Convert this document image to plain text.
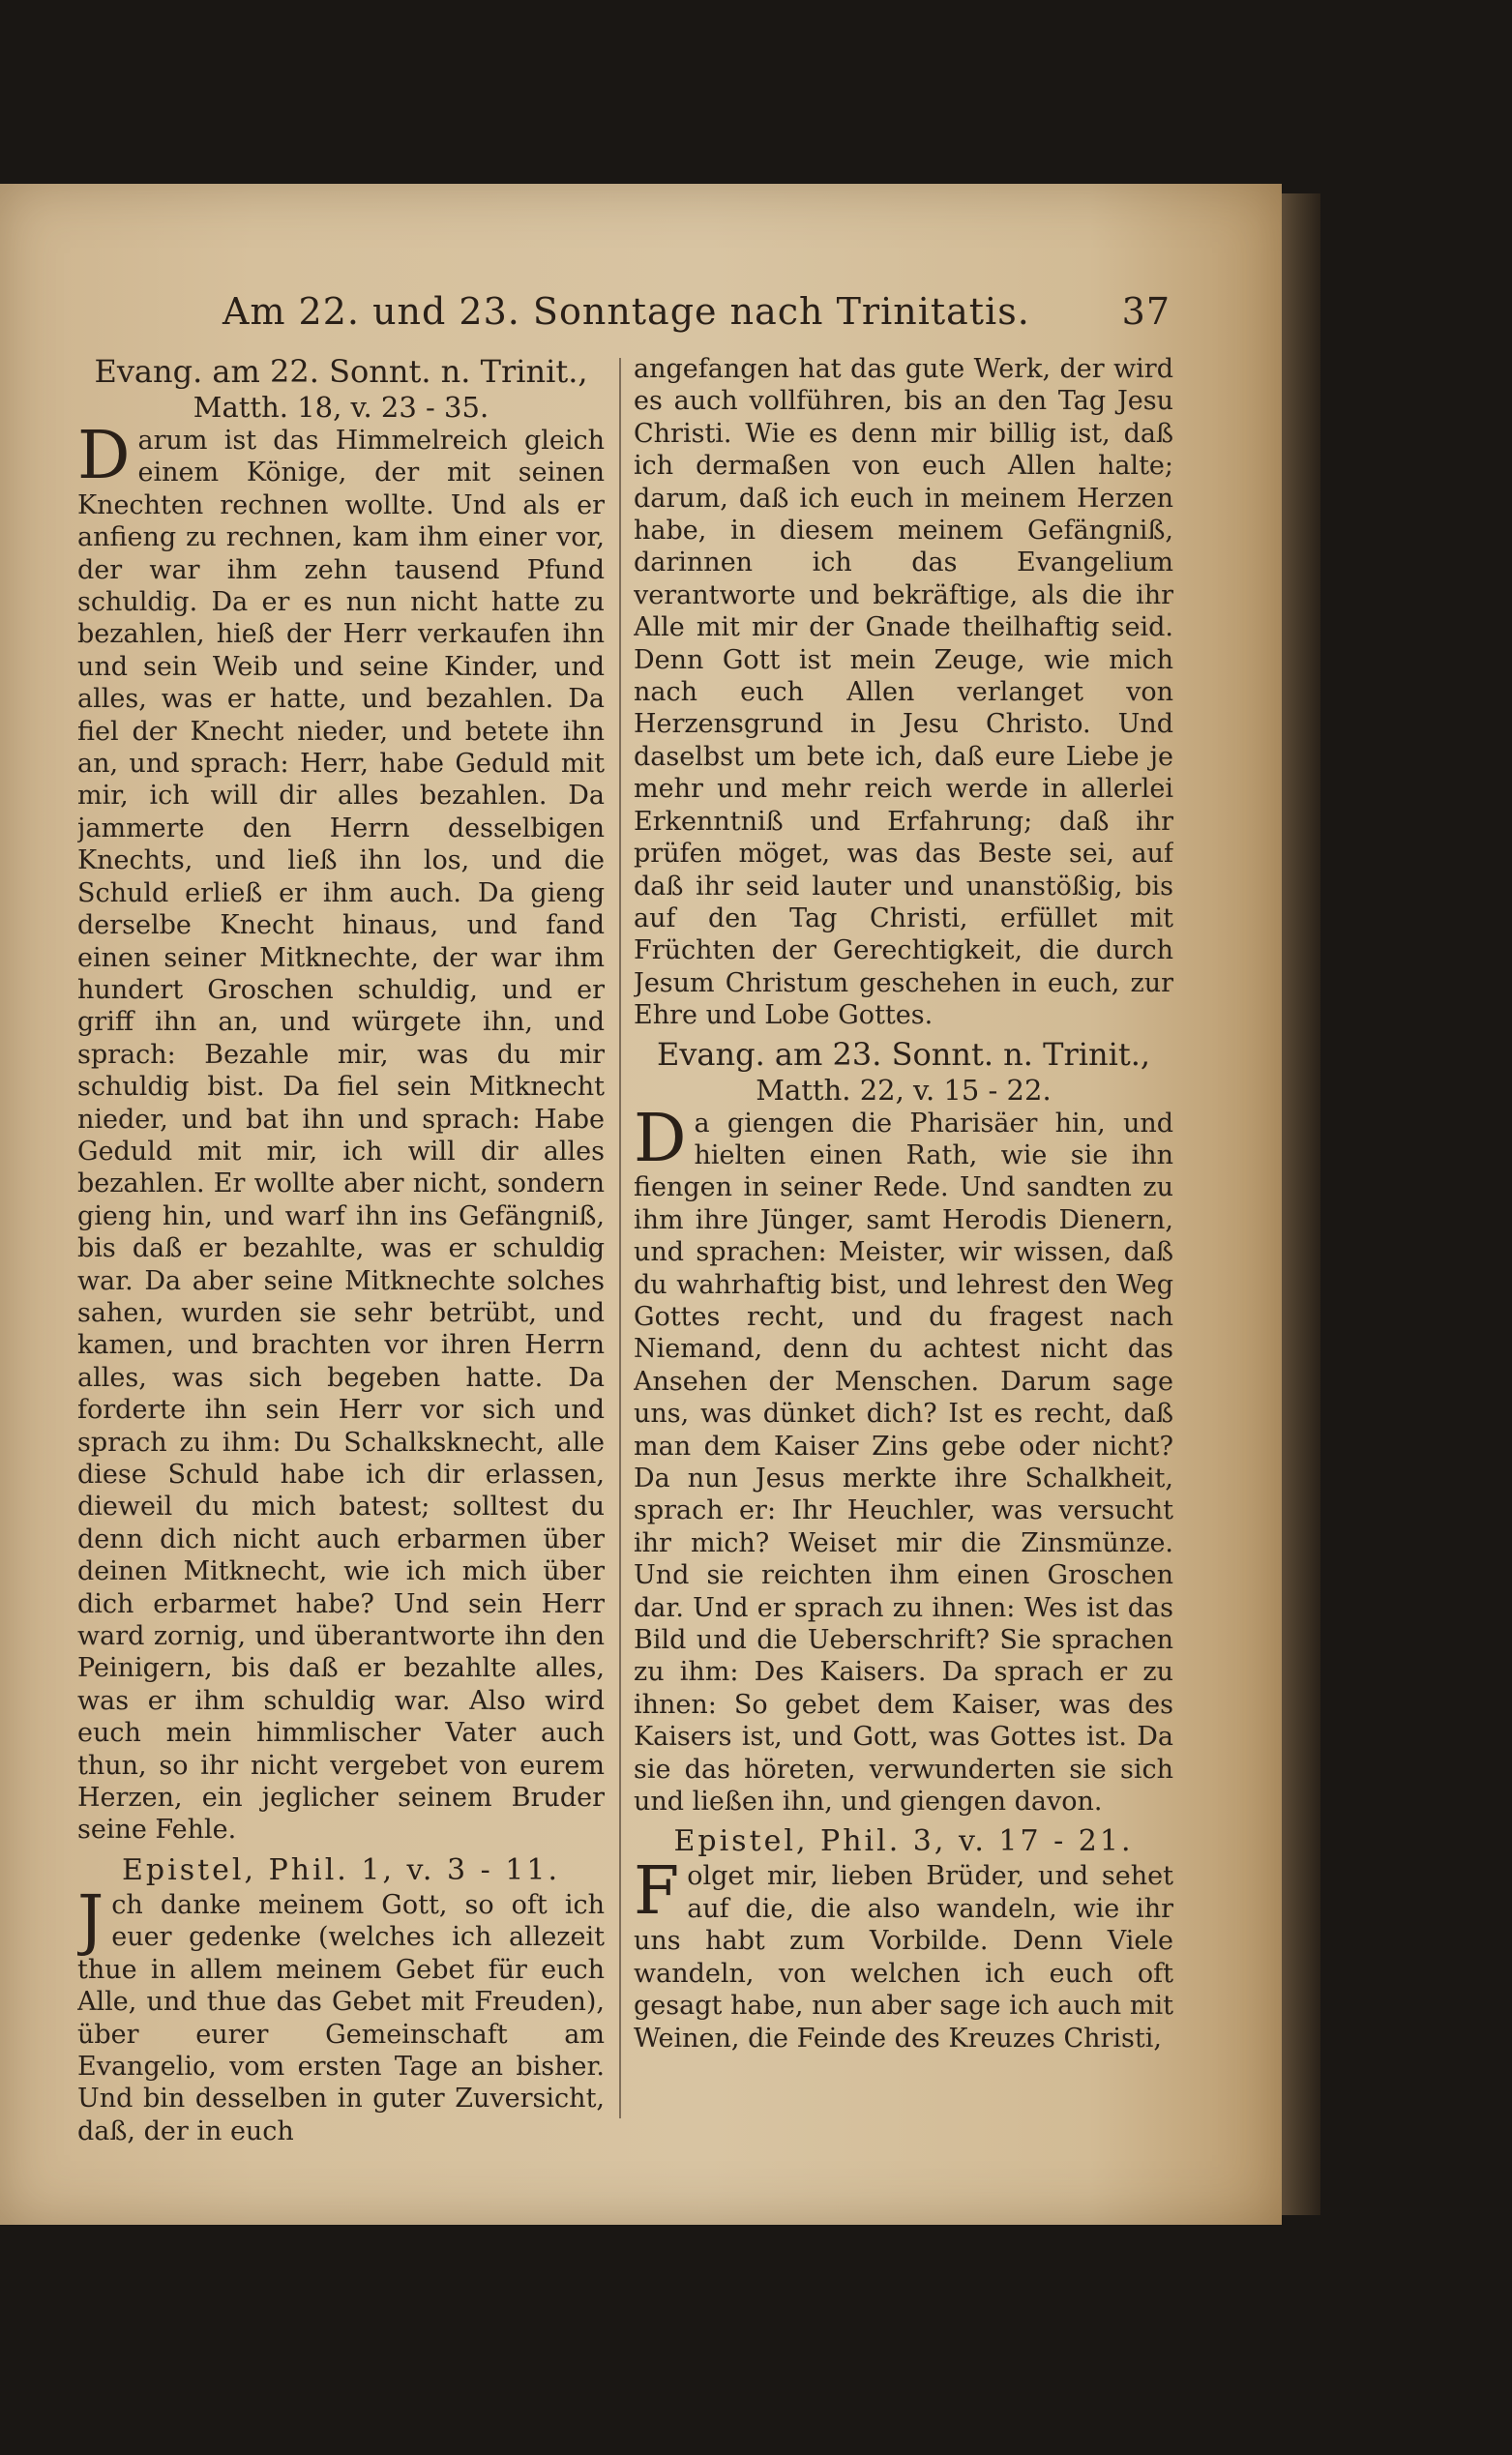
Am 22. und 23. Sonntage nach Trinitatis. 37
Evang. am 22. Sonnt. n. Trinit.,
Matth. 18, v. 23 - 35.

D arum ist das Himmelreich gleich einem Könige, der mit seinen Knechten rechnen wollte. Und als er anfieng zu rechnen, kam ihm einer vor, der war ihm zehn tausend Pfund schuldig. Da er es nun nicht hatte zu bezahlen, hieß der Herr verkaufen ihn und sein Weib und seine Kinder, und alles, was er hatte, und bezahlen. Da fiel der Knecht nieder, und betete ihn an, und sprach: Herr, habe Geduld mit mir, ich will dir alles bezahlen. Da jammerte den Herrn desselbigen Knechts, und ließ ihn los, und die Schuld erließ er ihm auch. Da gieng derselbe Knecht hinaus, und fand einen seiner Mitknechte, der war ihm hundert Groschen schuldig, und er griff ihn an, und würgete ihn, und sprach: Bezahle mir, was du mir schuldig bist. Da fiel sein Mitknecht nieder, und bat ihn und sprach: Habe Geduld mit mir, ich will dir alles bezahlen. Er wollte aber nicht, sondern gieng hin, und warf ihn ins Gefängniß, bis daß er bezahlte, was er schuldig war. Da aber seine Mitknechte solches sahen, wurden sie sehr betrübt, und kamen, und brachten vor ihren Herrn alles, was sich begeben hatte. Da forderte ihn sein Herr vor sich und sprach zu ihm: Du Schalksknecht, alle diese Schuld habe ich dir erlassen, dieweil du mich batest; solltest du denn dich nicht auch erbarmen über deinen Mitknecht, wie ich mich über dich erbarmet habe? Und sein Herr ward zornig, und überantworte ihn den Peinigern, bis daß er bezahlte alles, was er ihm schuldig war. Also wird euch mein himmlischer Vater auch thun, so ihr nicht vergebet von eurem Herzen, ein jeglicher seinem Bruder seine Fehle.

Epistel, Phil. 1, v. 3 - 11.

J ch danke meinem Gott, so oft ich euer gedenke (welches ich allezeit thue in allem meinem Gebet für euch Alle, und thue das Gebet mit Freuden), über eurer Gemeinschaft am Evangelio, vom ersten Tage an bisher. Und bin desselben in guter Zuversicht, daß, der in euch

angefangen hat das gute Werk, der wird es auch vollführen, bis an den Tag Jesu Christi. Wie es denn mir billig ist, daß ich dermaßen von euch Allen halte; darum, daß ich euch in meinem Herzen habe, in diesem meinem Gefängniß, darinnen ich das Evangelium verantworte und bekräftige, als die ihr Alle mit mir der Gnade theilhaftig seid. Denn Gott ist mein Zeuge, wie mich nach euch Allen verlanget von Herzensgrund in Jesu Christo. Und daselbst um bete ich, daß eure Liebe je mehr und mehr reich werde in allerlei Erkenntniß und Erfahrung; daß ihr prüfen möget, was das Beste sei, auf daß ihr seid lauter und unanstößig, bis auf den Tag Christi, erfüllet mit Früchten der Gerechtigkeit, die durch Jesum Christum geschehen in euch, zur Ehre und Lobe Gottes.

Evang. am 23. Sonnt. n. Trinit.,
Matth. 22, v. 15 - 22.

D a giengen die Pharisäer hin, und hielten einen Rath, wie sie ihn fiengen in seiner Rede. Und sandten zu ihm ihre Jünger, samt Herodis Dienern, und sprachen: Meister, wir wissen, daß du wahrhaftig bist, und lehrest den Weg Gottes recht, und du fragest nach Niemand, denn du achtest nicht das Ansehen der Menschen. Darum sage uns, was dünket dich? Ist es recht, daß man dem Kaiser Zins gebe oder nicht? Da nun Jesus merkte ihre Schalkheit, sprach er: Ihr Heuchler, was versucht ihr mich? Weiset mir die Zinsmünze. Und sie reichten ihm einen Groschen dar. Und er sprach zu ihnen: Wes ist das Bild und die Ueberschrift? Sie sprachen zu ihm: Des Kaisers. Da sprach er zu ihnen: So gebet dem Kaiser, was des Kaisers ist, und Gott, was Gottes ist. Da sie das höreten, verwunderten sie sich und ließen ihn, und giengen davon.

Epistel, Phil. 3, v. 17 - 21.

F olget mir, lieben Brüder, und sehet auf die, die also wandeln, wie ihr uns habt zum Vorbilde. Denn Viele wandeln, von welchen ich euch oft gesagt habe, nun aber sage ich auch mit Weinen, die Feinde des Kreuzes Christi,
